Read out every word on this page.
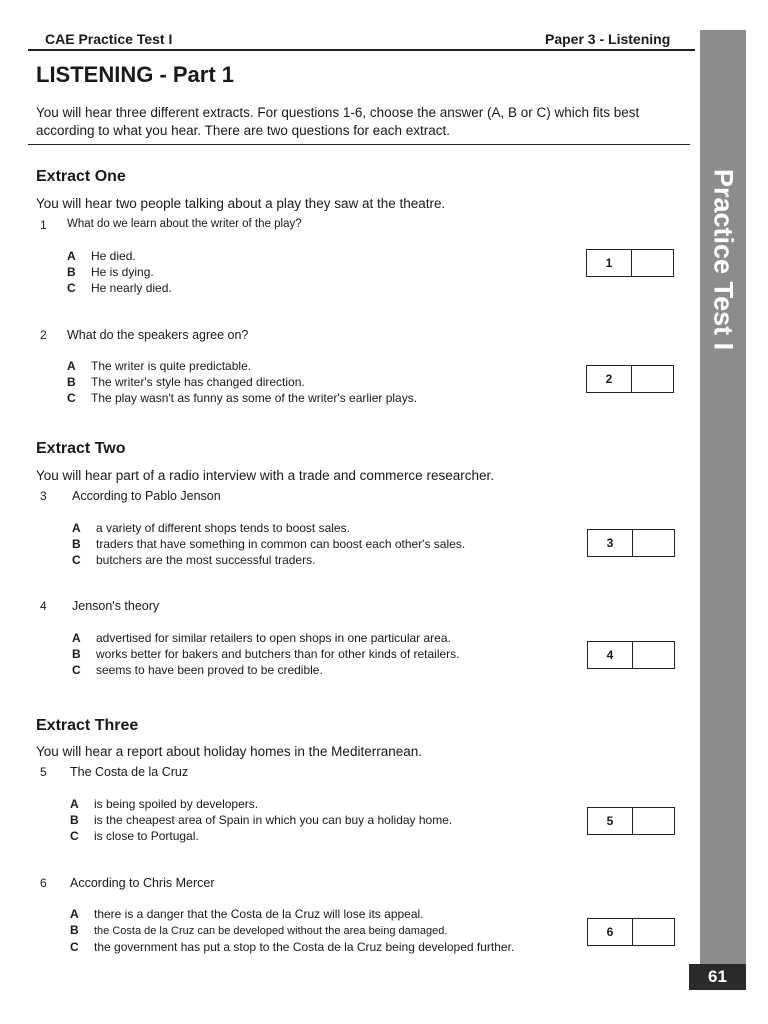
CAE Practice Test I	Paper 3 - Listening
LISTENING - Part 1
You will hear three different extracts. For questions 1-6, choose the answer (A, B or C) which fits best according to what you hear. There are two questions for each extract.
Extract One
You will hear two people talking about a play they saw at the theatre.
1 What do we learn about the writer of the play?
A He died.
B He is dying.
C He nearly died.
1
2 What do the speakers agree on?
A The writer is quite predictable.
B The writer's style has changed direction.
C The play wasn't as funny as some of the writer's earlier plays.
2
Extract Two
You will hear part of a radio interview with a trade and commerce researcher.
3 According to Pablo Jenson
A a variety of different shops tends to boost sales.
B traders that have something in common can boost each other's sales.
C butchers are the most successful traders.
3
4 Jenson's theory
A advertised for similar retailers to open shops in one particular area.
B works better for bakers and butchers than for other kinds of retailers.
C seems to have been proved to be credible.
4
Extract Three
You will hear a report about holiday homes in the Mediterranean.
5 The Costa de la Cruz
A is being spoiled by developers.
B is the cheapest area of Spain in which you can buy a holiday home.
C is close to Portugal.
5
6 According to Chris Mercer
A there is a danger that the Costa de la Cruz will lose its appeal.
B the Costa de la Cruz can be developed without the area being damaged.
C the government has put a stop to the Costa de la Cruz being developed further.
6
Practice Test I
61
